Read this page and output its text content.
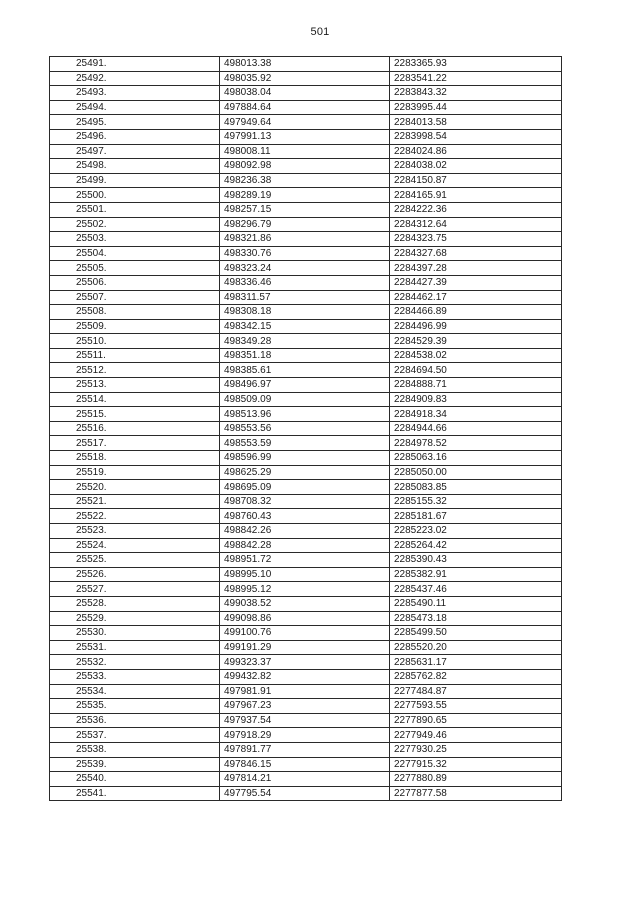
501
25491.	498013.38	2283365.93
25492.	498035.92	2283541.22
25493.	498038.04	2283843.32
25494.	497884.64	2283995.44
25495.	497949.64	2284013.58
25496.	497991.13	2283998.54
25497.	498008.11	2284024.86
25498.	498092.98	2284038.02
25499.	498236.38	2284150.87
25500.	498289.19	2284165.91
25501.	498257.15	2284222.36
25502.	498296.79	2284312.64
25503.	498321.86	2284323.75
25504.	498330.76	2284327.68
25505.	498323.24	2284397.28
25506.	498336.46	2284427.39
25507.	498311.57	2284462.17
25508.	498308.18	2284466.89
25509.	498342.15	2284496.99
25510.	498349.28	2284529.39
25511.	498351.18	2284538.02
25512.	498385.61	2284694.50
25513.	498496.97	2284888.71
25514.	498509.09	2284909.83
25515.	498513.96	2284918.34
25516.	498553.56	2284944.66
25517.	498553.59	2284978.52
25518.	498596.99	2285063.16
25519.	498625.29	2285050.00
25520.	498695.09	2285083.85
25521.	498708.32	2285155.32
25522.	498760.43	2285181.67
25523.	498842.26	2285223.02
25524.	498842.28	2285264.42
25525.	498951.72	2285390.43
25526.	498995.10	2285382.91
25527.	498995.12	2285437.46
25528.	499038.52	2285490.11
25529.	499098.86	2285473.18
25530.	499100.76	2285499.50
25531.	499191.29	2285520.20
25532.	499323.37	2285631.17
25533.	499432.82	2285762.82
25534.	497981.91	2277484.87
25535.	497967.23	2277593.55
25536.	497937.54	2277890.65
25537.	497918.29	2277949.46
25538.	497891.77	2277930.25
25539.	497846.15	2277915.32
25540.	497814.21	2277880.89
25541.	497795.54	2277877.58
